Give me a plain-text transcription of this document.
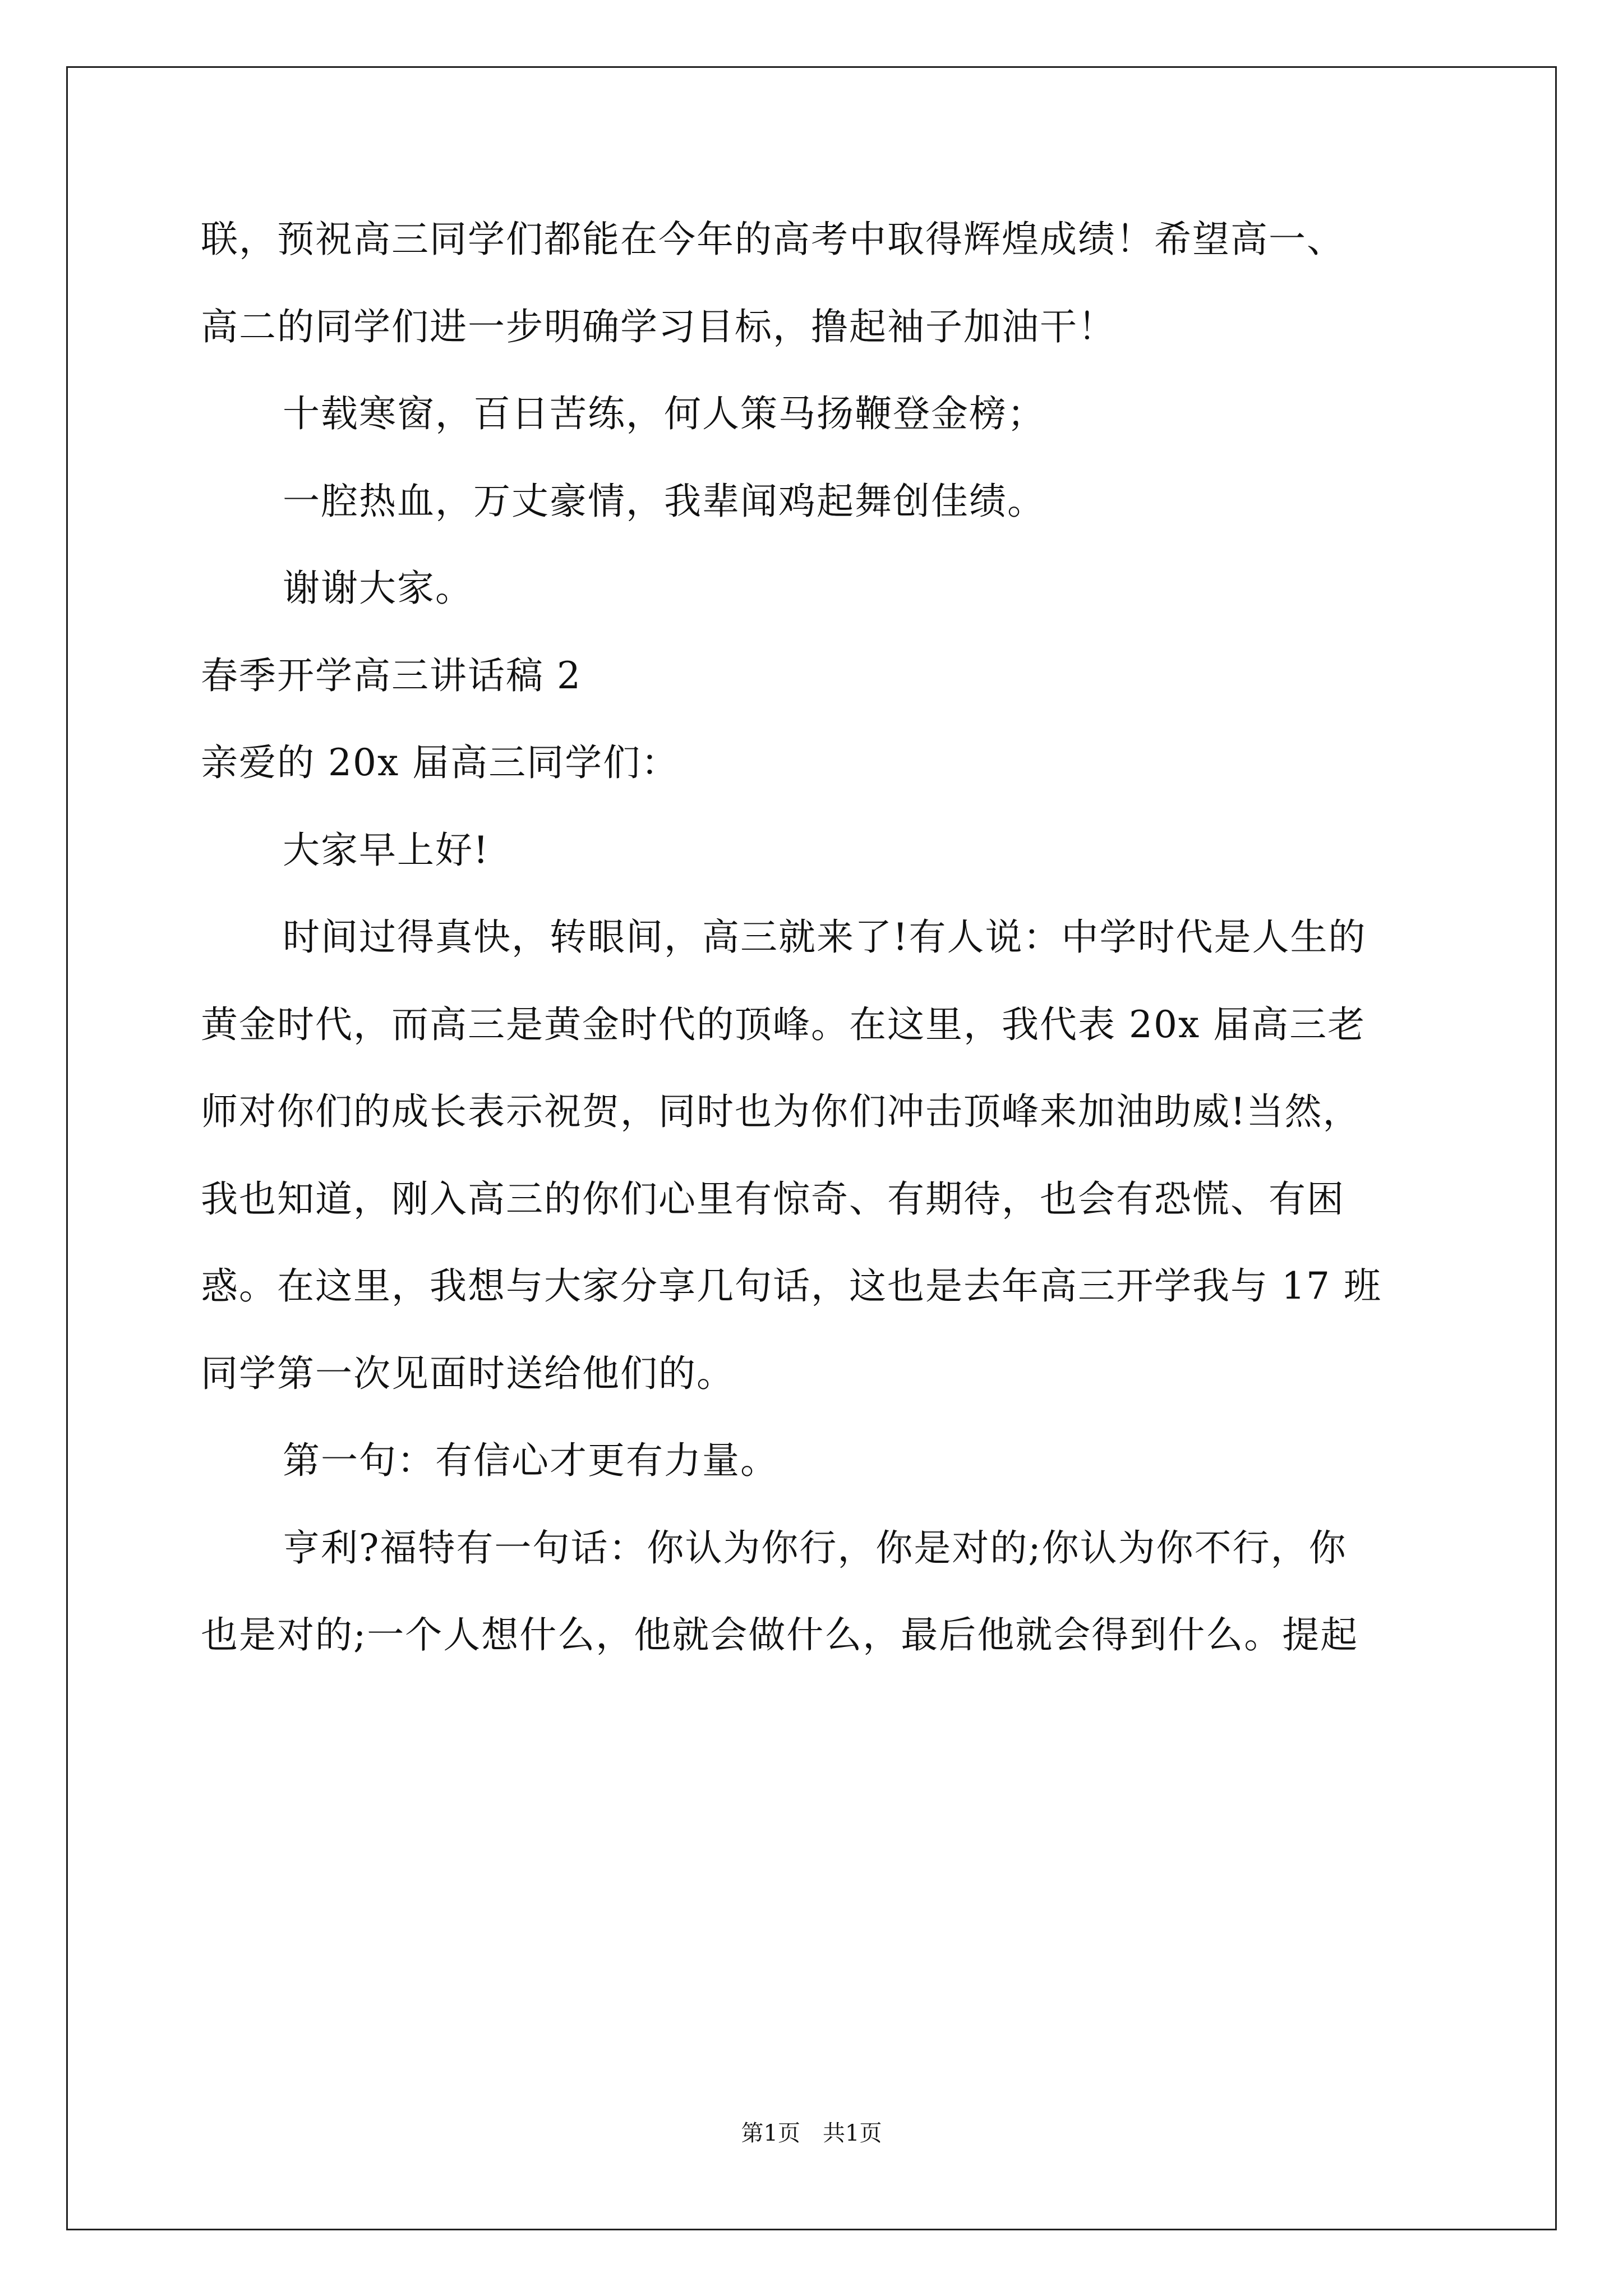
联，预祝高三同学们都能在今年的高考中取得辉煌成绩！希望高一、
高二的同学们进一步明确学习目标，撸起袖子加油干！
十载寒窗，百日苦练，何人策马扬鞭登金榜；
一腔热血，万丈豪情，我辈闻鸡起舞创佳绩。
谢谢大家。
春季开学高三讲话稿 2
亲爱的 20x 届高三同学们：
大家早上好!
时间过得真快，转眼间，高三就来了!有人说：中学时代是人生的
黄金时代，而高三是黄金时代的顶峰。在这里，我代表 20x 届高三老
师对你们的成长表示祝贺，同时也为你们冲击顶峰来加油助威!当然，
我也知道，刚入高三的你们心里有惊奇、有期待，也会有恐慌、有困
惑。在这里，我想与大家分享几句话，这也是去年高三开学我与 17 班
同学第一次见面时送给他们的。
第一句：有信心才更有力量。
亨利?福特有一句话：你认为你行，你是对的;你认为你不行，你
也是对的;一个人想什么，他就会做什么，最后他就会得到什么。提起
第1页　共1页
